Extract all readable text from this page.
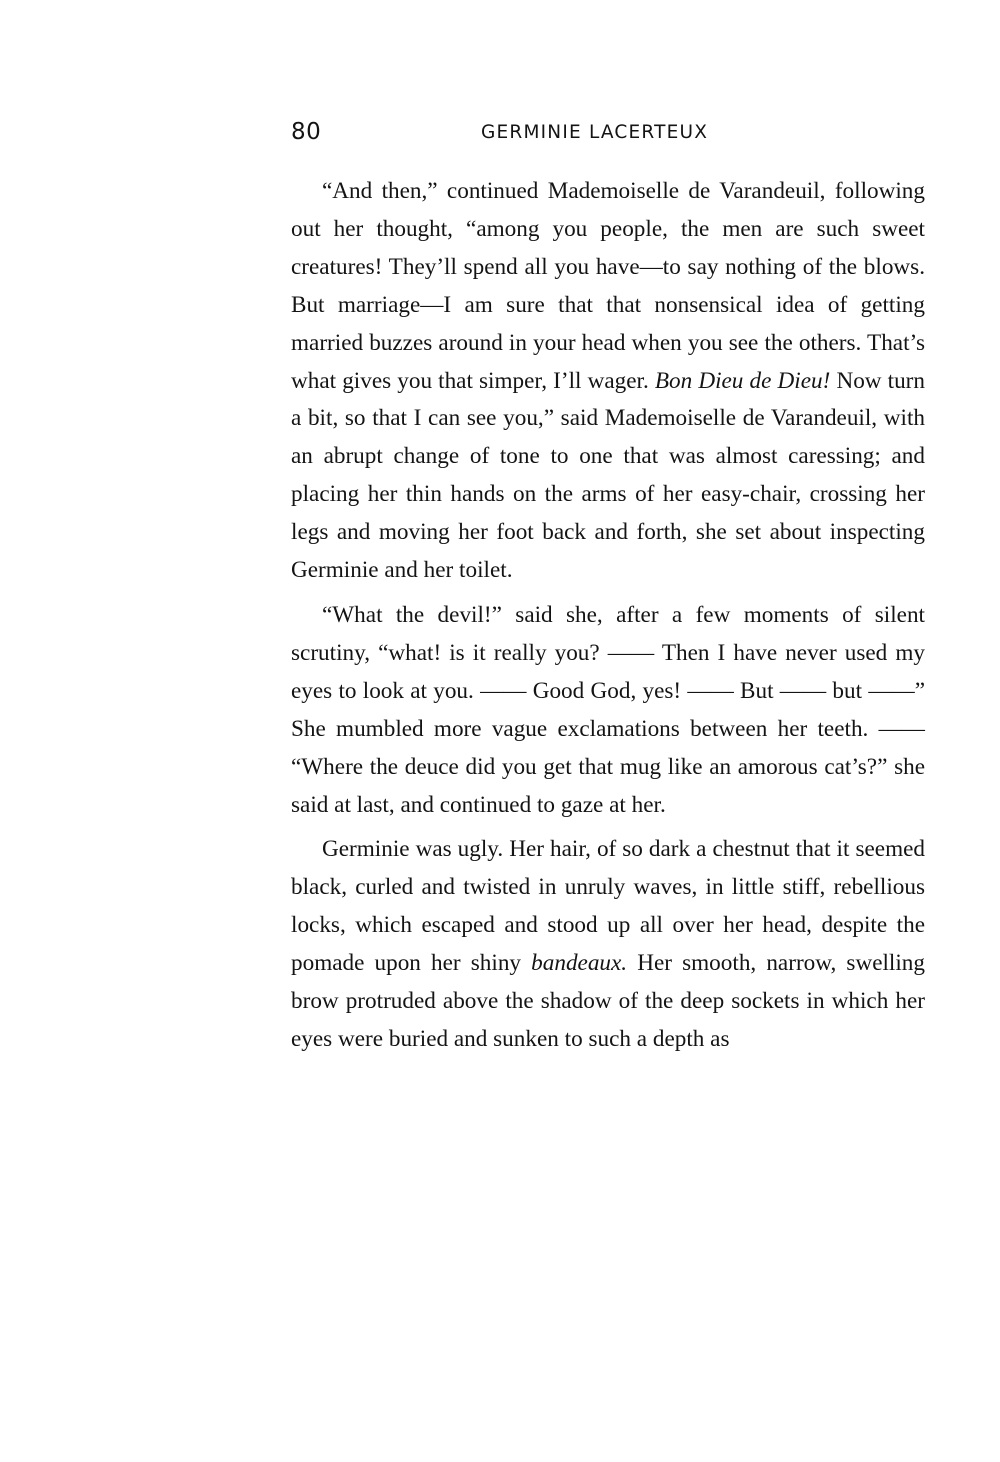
80	GERMINIE LACERTEUX

“And then,” continued Mademoiselle de Varandeuil, following out her thought, “among you people, the men are such sweet creatures! They’ll spend all you have—to say nothing of the blows. But marriage—I am sure that that nonsensical idea of getting married buzzes around in your head when you see the others. That’s what gives you that simper, I’ll wager. Bon Dieu de Dieu! Now turn a bit, so that I can see you,” said Mademoiselle de Varandeuil, with an abrupt change of tone to one that was almost caressing; and placing her thin hands on the arms of her easy-chair, crossing her legs and moving her foot back and forth, she set about inspecting Germinie and her toilet.

“What the devil!” said she, after a few moments of silent scrutiny, “what! is it really you? —— Then I have never used my eyes to look at you. —— Good God, yes! —— But —— but ——” She mumbled more vague exclamations between her teeth. —— “Where the deuce did you get that mug like an amorous cat’s?” she said at last, and continued to gaze at her.

Germinie was ugly. Her hair, of so dark a chestnut that it seemed black, curled and twisted in unruly waves, in little stiff, rebellious locks, which escaped and stood up all over her head, despite the pomade upon her shiny bandeaux. Her smooth, narrow, swelling brow protruded above the shadow of the deep sockets in which her eyes were buried and sunken to such a depth as
